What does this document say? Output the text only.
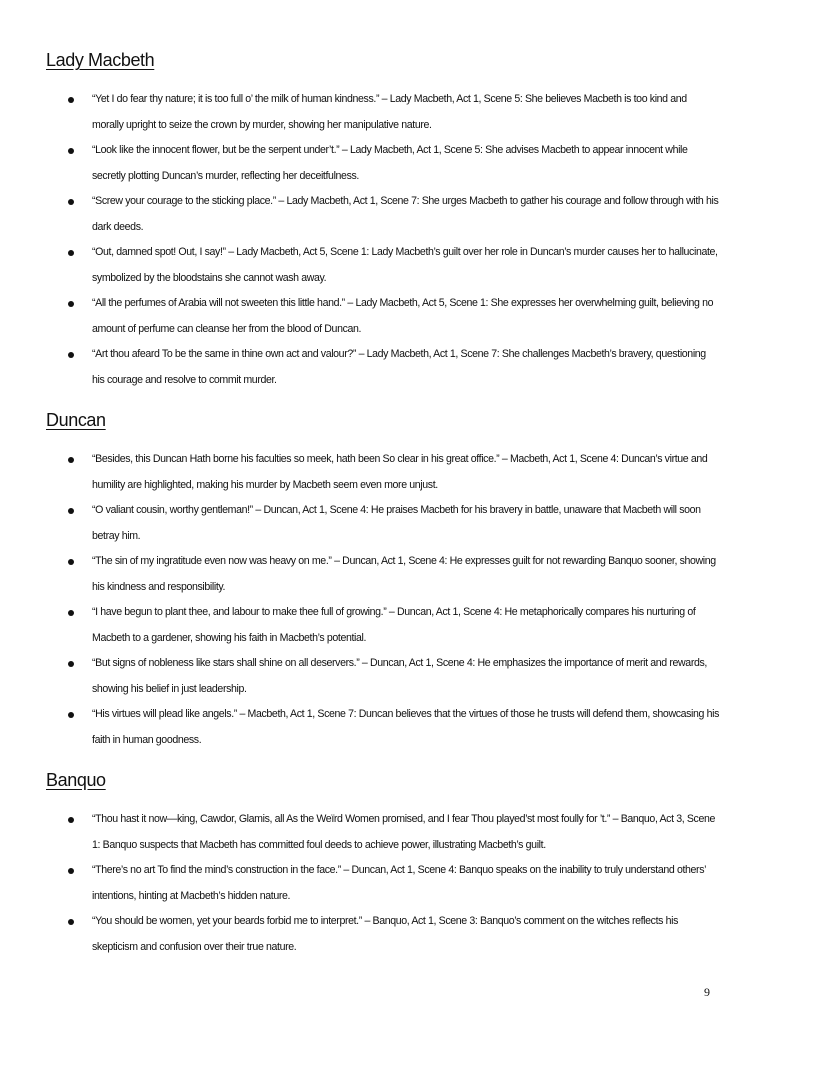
Lady Macbeth
“Yet I do fear thy nature; it is too full o’ the milk of human kindness.” – Lady Macbeth, Act 1, Scene 5: She believes Macbeth is too kind and morally upright to seize the crown by murder, showing her manipulative nature.
“Look like the innocent flower, but be the serpent under’t.” – Lady Macbeth, Act 1, Scene 5: She advises Macbeth to appear innocent while secretly plotting Duncan’s murder, reflecting her deceitfulness.
“Screw your courage to the sticking place.” – Lady Macbeth, Act 1, Scene 7: She urges Macbeth to gather his courage and follow through with his dark deeds.
“Out, damned spot! Out, I say!” – Lady Macbeth, Act 5, Scene 1: Lady Macbeth’s guilt over her role in Duncan’s murder causes her to hallucinate, symbolized by the bloodstains she cannot wash away.
“All the perfumes of Arabia will not sweeten this little hand.” – Lady Macbeth, Act 5, Scene 1: She expresses her overwhelming guilt, believing no amount of perfume can cleanse her from the blood of Duncan.
“Art thou afeard To be the same in thine own act and valour?” – Lady Macbeth, Act 1, Scene 7: She challenges Macbeth’s bravery, questioning his courage and resolve to commit murder.
Duncan
“Besides, this Duncan Hath borne his faculties so meek, hath been So clear in his great office.” – Macbeth, Act 1, Scene 4: Duncan’s virtue and humility are highlighted, making his murder by Macbeth seem even more unjust.
“O valiant cousin, worthy gentleman!” – Duncan, Act 1, Scene 4: He praises Macbeth for his bravery in battle, unaware that Macbeth will soon betray him.
“The sin of my ingratitude even now was heavy on me.” – Duncan, Act 1, Scene 4: He expresses guilt for not rewarding Banquo sooner, showing his kindness and responsibility.
“I have begun to plant thee, and labour to make thee full of growing.” – Duncan, Act 1, Scene 4: He metaphorically compares his nurturing of Macbeth to a gardener, showing his faith in Macbeth’s potential.
“But signs of nobleness like stars shall shine on all deservers.” – Duncan, Act 1, Scene 4: He emphasizes the importance of merit and rewards, showing his belief in just leadership.
“His virtues will plead like angels.” – Macbeth, Act 1, Scene 7: Duncan believes that the virtues of those he trusts will defend them, showcasing his faith in human goodness.
Banquo
“Thou hast it now—king, Cawdor, Glamis, all As the Weïrd Women promised, and I fear Thou played’st most foully for ’t.” – Banquo, Act 3, Scene 1: Banquo suspects that Macbeth has committed foul deeds to achieve power, illustrating Macbeth’s guilt.
“There’s no art To find the mind’s construction in the face.” – Duncan, Act 1, Scene 4: Banquo speaks on the inability to truly understand others’ intentions, hinting at Macbeth’s hidden nature.
“You should be women, yet your beards forbid me to interpret.” – Banquo, Act 1, Scene 3: Banquo’s comment on the witches reflects his skepticism and confusion over their true nature.
9
